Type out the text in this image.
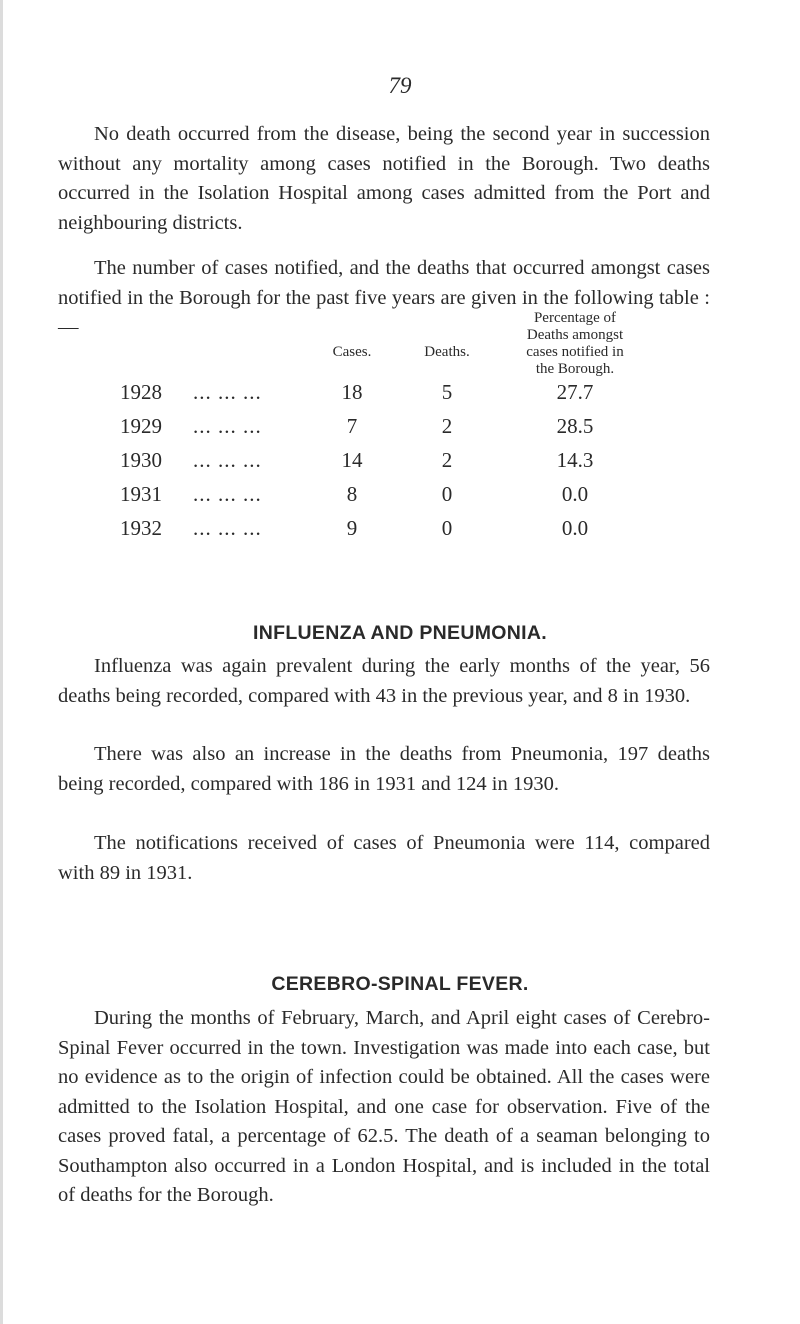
79

No death occurred from the disease, being the second year in succession without any mortality among cases notified in the Borough. Two deaths occurred in the Isolation Hospital among cases admitted from the Port and neighbouring districts.

The number of cases notified, and the deaths that occurred amongst cases notified in the Borough for the past five years are given in the following table :—

Cases.	Deaths.
Percentage of
Deaths amongst
cases notified in
the Borough.
1928 ... ... ...	18	5	27.7
1929 ... ... ...	7	2	28.5
1930 ... ... ...	14	2	14.3
1931 ... ... ...	8	0	0.0
1932 ... ... ...	9	0	0.0
INFLUENZA AND PNEUMONIA.

Influenza was again prevalent during the early months of the year, 56 deaths being recorded, compared with 43 in the previous year, and 8 in 1930.

There was also an increase in the deaths from Pneumonia, 197 deaths being recorded, compared with 186 in 1931 and 124 in 1930.

The notifications received of cases of Pneumonia were 114, compared with 89 in 1931.

CEREBRO-SPINAL FEVER.

During the months of February, March, and April eight cases of Cerebro-Spinal Fever occurred in the town. Investigation was made into each case, but no evidence as to the origin of infection could be obtained. All the cases were admitted to the Isolation Hospital, and one case for observation. Five of the cases proved fatal, a percentage of 62.5. The death of a seaman belonging to Southampton also occurred in a London Hospital, and is included in the total of deaths for the Borough.
